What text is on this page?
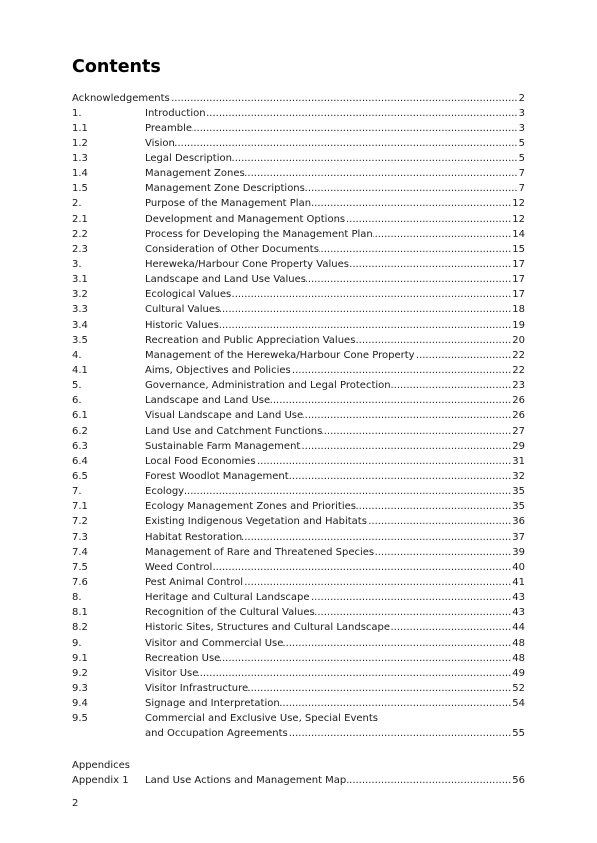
Contents
Acknowledgements .....	2
1.	Introduction .....	3
1.1	Preamble .....	3
1.2	Vision .....	5
1.3	Legal Description .....	5
1.4	Management Zones .....	7
1.5	Management Zone Descriptions .....	7
2.	Purpose of the Management Plan .....	12
2.1	Development and Management Options .....	12
2.2	Process for Developing the Management Plan .....	14
2.3	Consideration of Other Documents .....	15
3.	Hereweka/Harbour Cone Property Values .....	17
3.1	Landscape and Land Use Values .....	17
3.2	Ecological Values .....	17
3.3	Cultural Values .....	18
3.4	Historic Values .....	19
3.5	Recreation and Public Appreciation Values .....	20
4.	Management of the Hereweka/Harbour Cone Property .....	22
4.1	Aims, Objectives and Policies .....	22
5.	Governance, Administration and Legal Protection .....	23
6.	Landscape and Land Use .....	26
6.1	Visual Landscape and Land Use .....	26
6.2	Land Use and Catchment Functions .....	27
6.3	Sustainable Farm Management .....	29
6.4	Local Food Economies .....	31
6.5	Forest Woodlot Management .....	32
7.	Ecology .....	35
7.1	Ecology Management Zones and Priorities .....	35
7.2	Existing Indigenous Vegetation and Habitats .....	36
7.3	Habitat Restoration .....	37
7.4	Management of Rare and Threatened Species .....	39
7.5	Weed Control .....	40
7.6	Pest Animal Control .....	41
8.	Heritage and Cultural Landscape .....	43
8.1	Recognition of the Cultural Values .....	43
8.2	Historic Sites, Structures and Cultural Landscape .....	44
9.	Visitor and Commercial Use .....	48
9.1	Recreation Use .....	48
9.2	Visitor Use .....	49
9.3	Visitor Infrastructure .....	52
9.4	Signage and Interpretation .....	54
9.5	Commercial and Exclusive Use, Special Events
and Occupation Agreements .....	55
Appendices
Appendix 1	Land Use Actions and Management Map. .....	56
2
